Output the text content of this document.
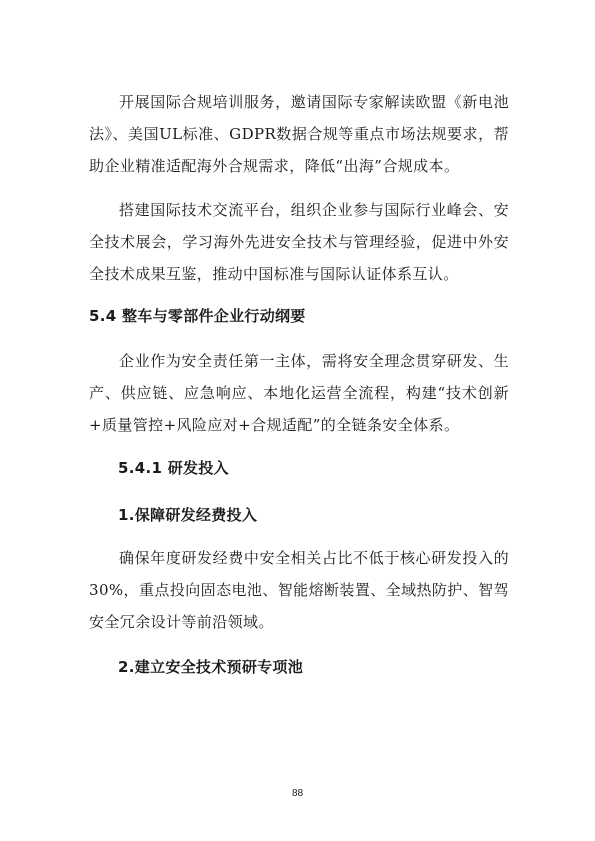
开展国际合规培训服务，邀请国际专家解读欧盟《新电池法》、美国UL标准、GDPR数据合规等重点市场法规要求，帮助企业精准适配海外合规需求，降低“出海”合规成本。

搭建国际技术交流平台，组织企业参与国际行业峰会、安全技术展会，学习海外先进安全技术与管理经验，促进中外安全技术成果互鉴，推动中国标准与国际认证体系互认。

5.4 整车与零部件企业行动纲要

企业作为安全责任第一主体，需将安全理念贯穿研发、生产、供应链、应急响应、本地化运营全流程，构建“技术创新+质量管控+风险应对+合规适配”的全链条安全体系。

5.4.1 研发投入
1.保障研发经费投入

确保年度研发经费中安全相关占比不低于核心研发投入的30%，重点投向固态电池、智能熔断装置、全域热防护、智驾安全冗余设计等前沿领域。

2.建立安全技术预研专项池
88
